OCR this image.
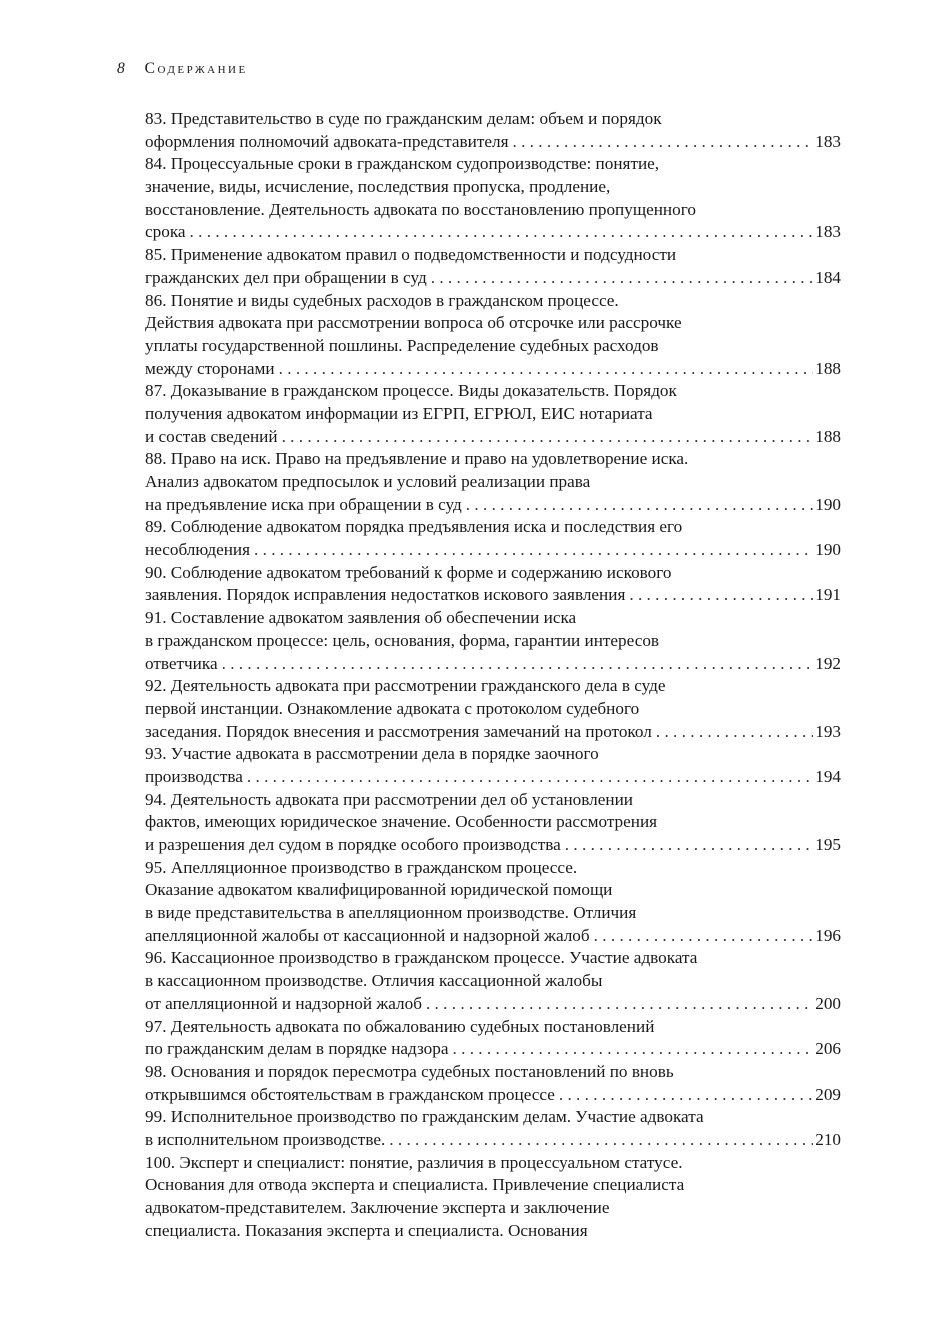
8 Содержание
83. Представительство в суде по гражданским делам: объем и порядок
оформления полномочий адвоката-представителя . . .	183
84. Процессуальные сроки в гражданском судопроизводстве: понятие,
значение, виды, исчисление, последствия пропуска, продление,
восстановление. Деятельность адвоката по восстановлению пропущенного
срока . . .	183
85. Применение адвокатом правил о подведомственности и подсудности
гражданских дел при обращении в суд . . .	184
86. Понятие и виды судебных расходов в гражданском процессе.
Действия адвоката при рассмотрении вопроса об отсрочке или рассрочке
уплаты государственной пошлины. Распределение судебных расходов
между сторонами . . .	188
87. Доказывание в гражданском процессе. Виды доказательств. Порядок
получения адвокатом информации из ЕГРП, ЕГРЮЛ, ЕИС нотариата
и состав сведений . . .	188
88. Право на иск. Право на предъявление и право на удовлетворение иска.
Анализ адвокатом предпосылок и условий реализации права
на предъявление иска при обращении в суд . . .	190
89. Соблюдение адвокатом порядка предъявления иска и последствия его
несоблюдения . . .	190
90. Соблюдение адвокатом требований к форме и содержанию искового
заявления. Порядок исправления недостатков искового заявления . . .	191
91. Составление адвокатом заявления об обеспечении иска
в гражданском процессе: цель, основания, форма, гарантии интересов
ответчика . . .	192
92. Деятельность адвоката при рассмотрении гражданского дела в суде
первой инстанции. Ознакомление адвоката с протоколом судебного
заседания. Порядок внесения и рассмотрения замечаний на протокол . . .	193
93. Участие адвоката в рассмотрении дела в порядке заочного
производства . . .	194
94. Деятельность адвоката при рассмотрении дел об установлении
фактов, имеющих юридическое значение. Особенности рассмотрения
и разрешения дел судом в порядке особого производства . . .	195
95. Апелляционное производство в гражданском процессе.
Оказание адвокатом квалифицированной юридической помощи
в виде представительства в апелляционном производстве. Отличия
апелляционной жалобы от кассационной и надзорной жалоб . . .	196
96. Кассационное производство в гражданском процессе. Участие адвоката
в кассационном производстве. Отличия кассационной жалобы
от апелляционной и надзорной жалоб . . .	200
97. Деятельность адвоката по обжалованию судебных постановлений
по гражданским делам в порядке надзора . . .	206
98. Основания и порядок пересмотра судебных постановлений по вновь
открывшимся обстоятельствам в гражданском процессе . . .	209
99. Исполнительное производство по гражданским делам. Участие адвоката
в исполнительном производстве. . . .	210
100. Эксперт и специалист: понятие, различия в процессуальном статусе.
Основания для отвода эксперта и специалиста. Привлечение специалиста
адвокатом-представителем. Заключение эксперта и заключение
специалиста. Показания эксперта и специалиста. Основания
